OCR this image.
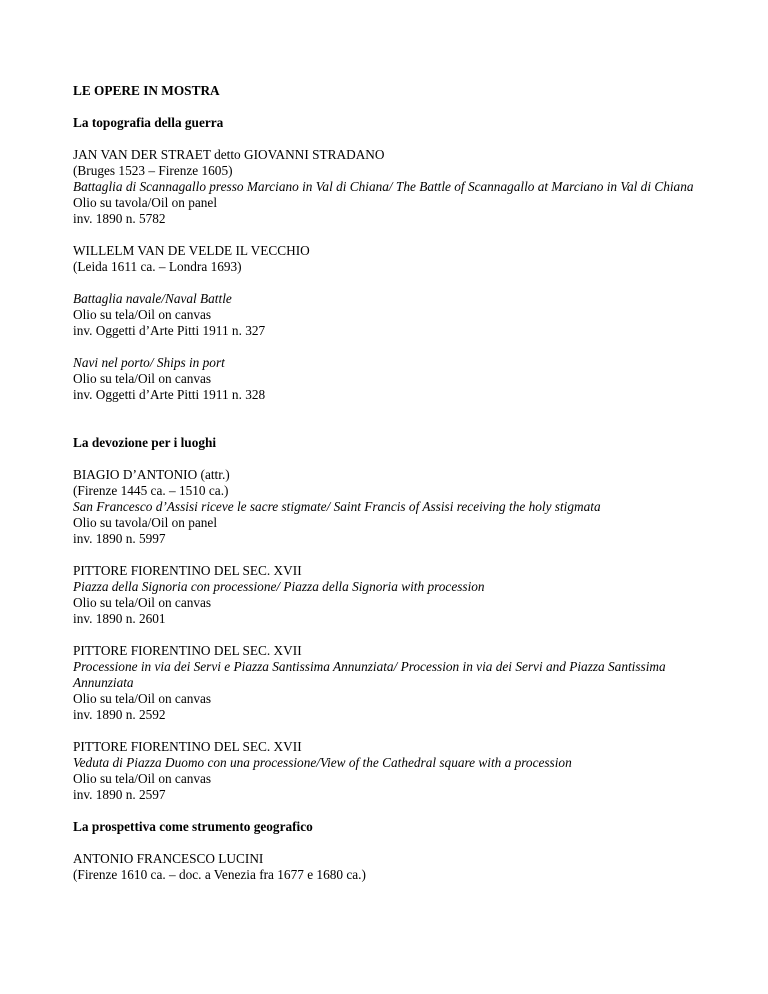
LE OPERE IN MOSTRA
La topografia della guerra
JAN VAN DER STRAET detto GIOVANNI STRADANO
(Bruges 1523 – Firenze 1605)
Battaglia di Scannagallo presso Marciano in Val di Chiana/ The Battle of Scannagallo at Marciano in Val di Chiana
Olio su tavola/Oil on panel
inv. 1890 n. 5782
WILLELM VAN DE VELDE IL VECCHIO
(Leida 1611 ca. – Londra 1693)
Battaglia navale/Naval Battle
Olio su tela/Oil on canvas
inv. Oggetti d’Arte Pitti 1911 n. 327
Navi nel porto/ Ships in port
Olio su tela/Oil on canvas
inv. Oggetti d’Arte Pitti 1911 n. 328
La devozione per i luoghi
BIAGIO D’ANTONIO (attr.)
(Firenze 1445 ca. – 1510 ca.)
San Francesco d’Assisi riceve le sacre stigmate/ Saint Francis of Assisi receiving the holy stigmata
Olio su tavola/Oil on panel
inv. 1890 n. 5997
PITTORE FIORENTINO DEL SEC. XVII
Piazza della Signoria con processione/ Piazza della Signoria with procession
Olio su tela/Oil on canvas
inv. 1890 n. 2601
PITTORE FIORENTINO DEL SEC. XVII
Processione in via dei Servi e Piazza Santissima Annunziata/ Procession in via dei Servi and Piazza Santissima Annunziata
Olio su tela/Oil on canvas
inv. 1890 n. 2592
PITTORE FIORENTINO DEL SEC. XVII
Veduta di Piazza Duomo con una processione/View of the Cathedral square with a procession
Olio su tela/Oil on canvas
inv. 1890 n. 2597
La prospettiva come strumento geografico
ANTONIO FRANCESCO LUCINI
(Firenze 1610 ca. – doc. a Venezia fra 1677 e 1680 ca.)
